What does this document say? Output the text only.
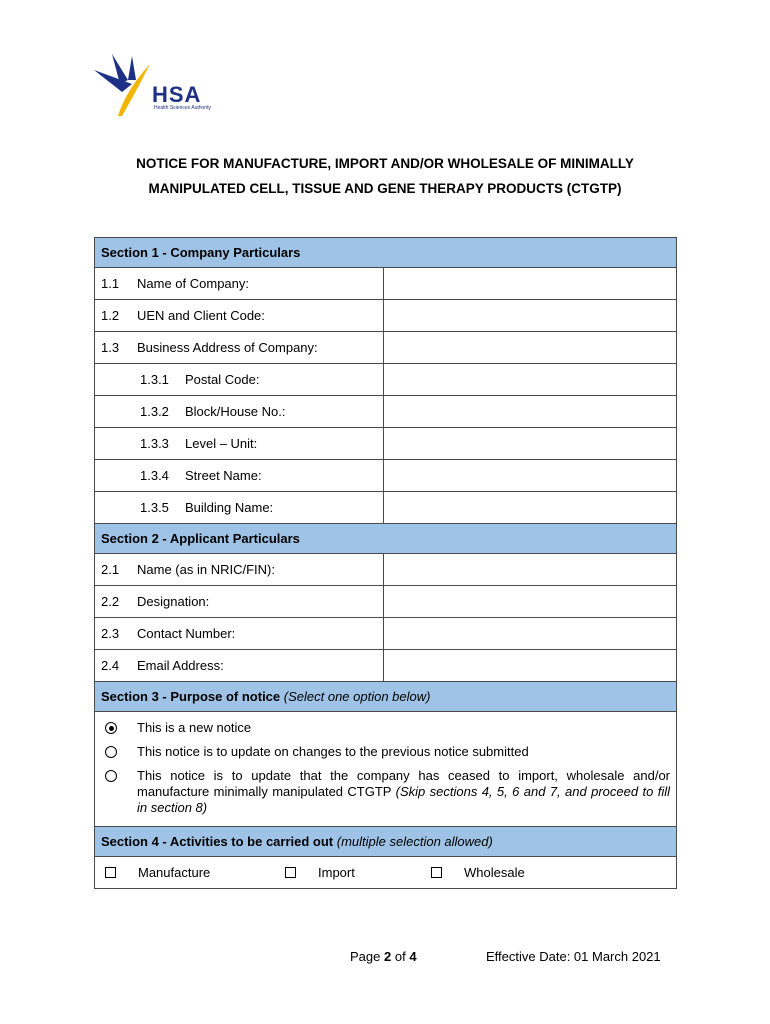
HSA
Health Sciences Authority
NOTICE FOR MANUFACTURE, IMPORT AND/OR WHOLESALE OF MINIMALLY
MANIPULATED CELL, TISSUE AND GENE THERAPY PRODUCTS (CTGTP)
Section 1 - Company Particulars	
1.1 Name of Company:	
1.2 UEN and Client Code:	
1.3 Business Address of Company:	
1.3.1 Postal Code:	
1.3.2 Block/House No.:	
1.3.3 Level – Unit:	
1.3.4 Street Name:	
1.3.5 Building Name:	
Section 2 - Applicant Particulars	
2.1 Name (as in NRIC/FIN):	
2.2 Designation:	
2.3 Contact Number:	
2.4 Email Address:	
Section 3 - Purpose of notice (Select one option below)	

This is a new notice
This notice is to update on changes to the previous notice submitted
This notice is to update that the company has ceased to import, wholesale and/or manufacture minimally manipulated CTGTP (Skip sections 4, 5, 6 and 7, and proceed to fill in section 8)	

Section 4 - Activities to be carried out (multiple selection allowed)	

Manufacture Import Wholesale	
Page 2 of 4	Effective Date: 01 March 2021
